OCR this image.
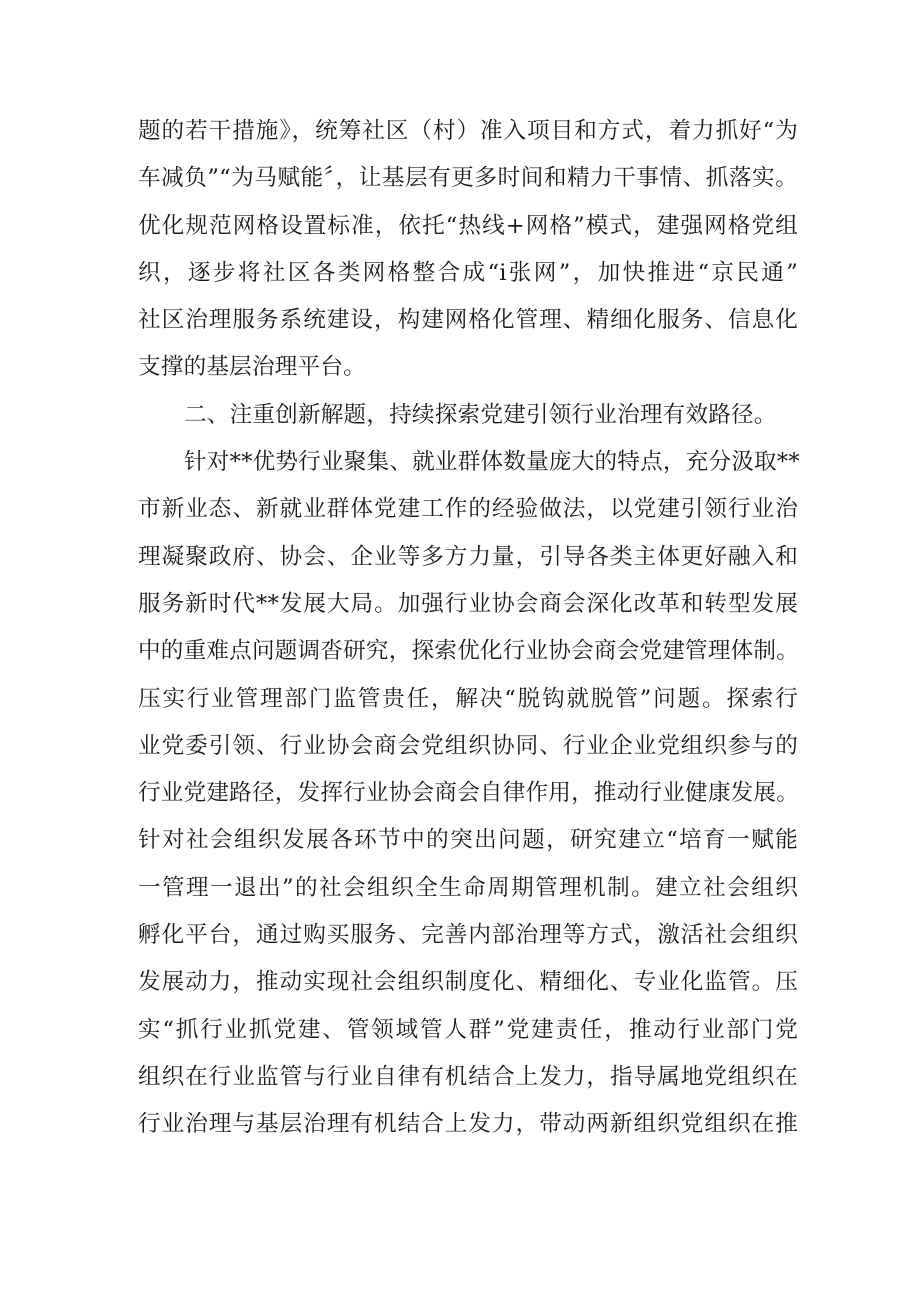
题的若干措施》，统筹社区（村）准入项目和方式，着力抓好“为
车减负”“为马赋能〞，让基层有更多时间和精力干事情、抓落实。
优化规范网格设置标准，依托“热线+网格”模式，建强网格党组
织，逐步将社区各类网格整合成“i张网”，加快推进“京民通”
社区治理服务系统建设，构建网格化管理、精细化服务、信息化
支撑的基层治理平台。
二、注重创新解题，持续探索党建引领行业治理有效路径。
针对**优势行业聚集、就业群体数量庞大的特点，充分汲取**
市新业态、新就业群体党建工作的经验做法，以党建引领行业治
理凝聚政府、协会、企业等多方力量，引导各类主体更好融入和
服务新时代**发展大局。加强行业协会商会深化改革和转型发展
中的重难点问题调沓研究，探索优化行业协会商会党建管理体制。
压实行业管理部门监管贵任，解决“脱钩就脱管”问题。探索行
业党委引领、行业协会商会党组织协同、行业企业党组织参与的
行业党建路径，发挥行业协会商会自律作用，推动行业健康发展。
针对社会组织发展各环节中的突出问题，研究建立“培育一赋能
一管理一退出”的社会组织全生命周期管理机制。建立社会组织
孵化平台，通过购买服务、完善内部治理等方式，激活社会组织
发展动力，推动实现社会组织制度化、精细化、专业化监管。压
实“抓行业抓党建、管领域管人群”党建责任，推动行业部门党
组织在行业监管与行业自律有机结合上发力，指导属地党组织在
行业治理与基层治理有机结合上发力，带动两新组织党组织在推
